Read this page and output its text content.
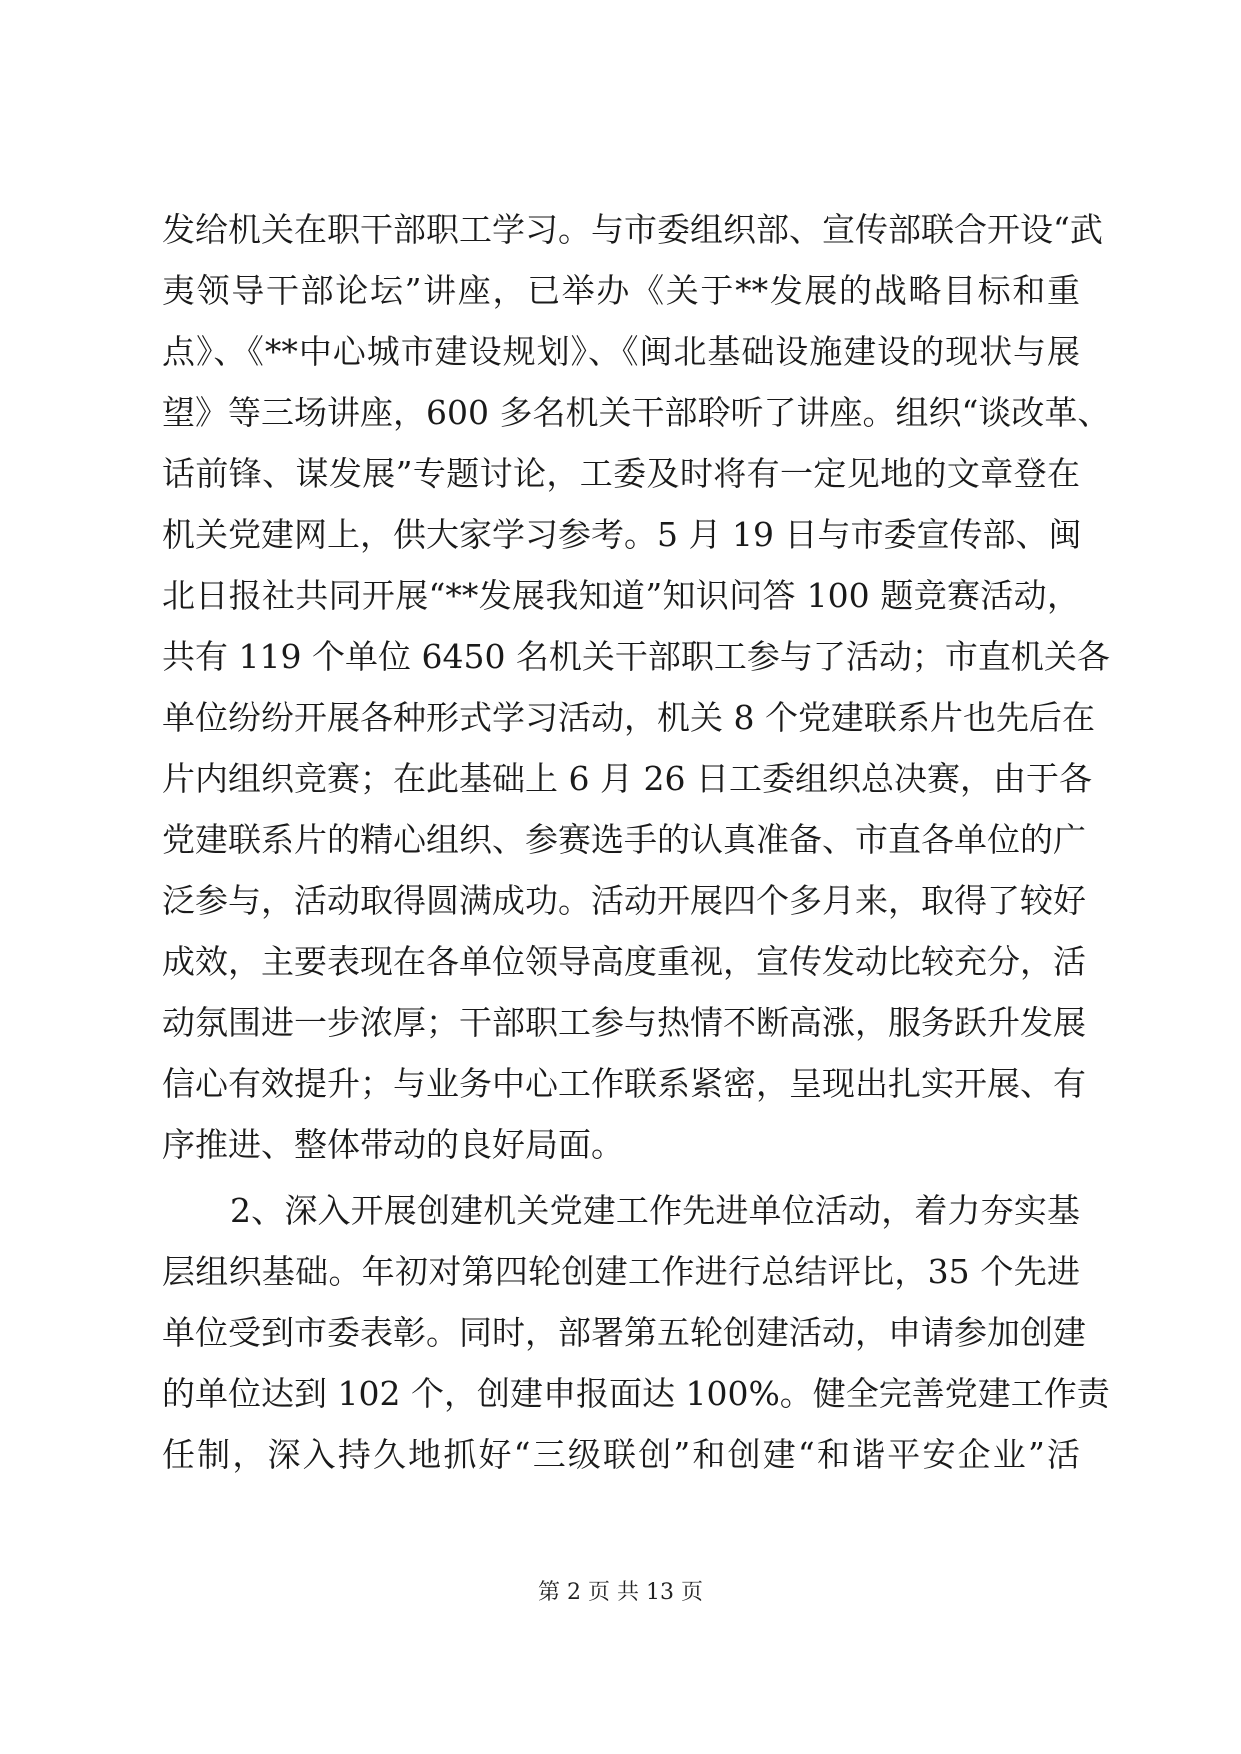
发给机关在职干部职工学习。与市委组织部、宣传部联合开设“武
夷领导干部论坛”讲座，已举办《关于**发展的战略目标和重
点》、《**中心城市建设规划》、《闽北基础设施建设的现状与展
望》等三场讲座，600 多名机关干部聆听了讲座。组织“谈改革、
话前锋、谋发展”专题讨论，工委及时将有一定见地的文章登在
机关党建网上，供大家学习参考。5 月 19 日与市委宣传部、闽
北日报社共同开展“**发展我知道”知识问答 100 题竞赛活动，
共有 119 个单位 6450 名机关干部职工参与了活动；市直机关各
单位纷纷开展各种形式学习活动，机关 8 个党建联系片也先后在
片内组织竞赛；在此基础上 6 月 26 日工委组织总决赛，由于各
党建联系片的精心组织、参赛选手的认真准备、市直各单位的广
泛参与，活动取得圆满成功。活动开展四个多月来，取得了较好
成效，主要表现在各单位领导高度重视，宣传发动比较充分，活
动氛围进一步浓厚；干部职工参与热情不断高涨，服务跃升发展
信心有效提升；与业务中心工作联系紧密，呈现出扎实开展、有
序推进、整体带动的良好局面。
2、深入开展创建机关党建工作先进单位活动，着力夯实基
层组织基础。年初对第四轮创建工作进行总结评比，35 个先进
单位受到市委表彰。同时，部署第五轮创建活动，申请参加创建
的单位达到 102 个，创建申报面达 100%。健全完善党建工作责
任制，深入持久地抓好“三级联创”和创建“和谐平安企业”活
第 2 页 共 13 页
